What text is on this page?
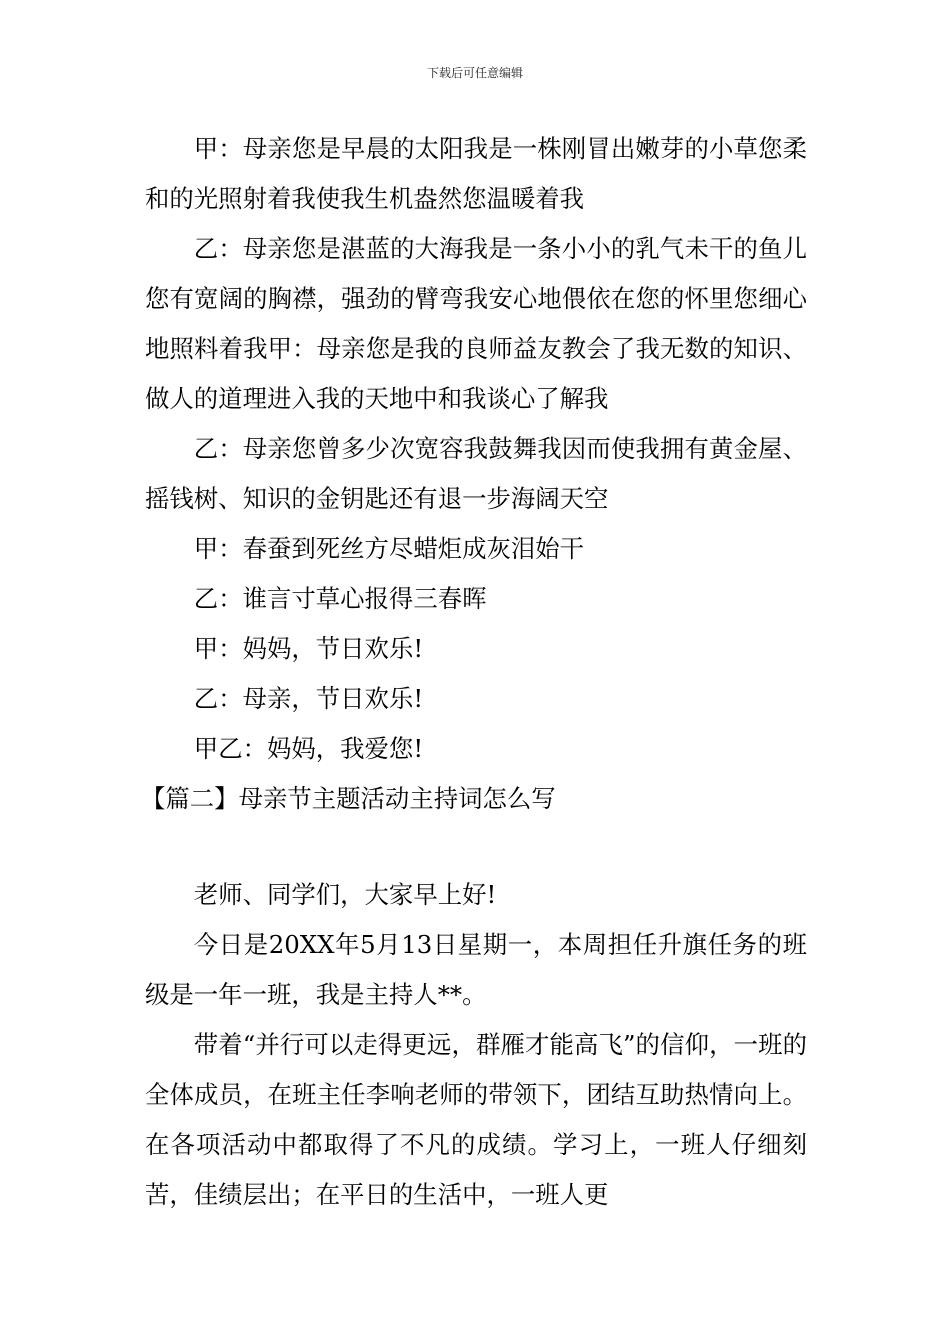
下载后可任意编辑

甲：母亲您是早晨的太阳我是一株刚冒出嫩芽的小草您柔和的光照射着我使我生机盎然您温暖着我

乙：母亲您是湛蓝的大海我是一条小小的乳气未干的鱼儿您有宽阔的胸襟，强劲的臂弯我安心地偎依在您的怀里您细心地照料着我甲：母亲您是我的良师益友教会了我无数的知识、做人的道理进入我的天地中和我谈心了解我

乙：母亲您曾多少次宽容我鼓舞我因而使我拥有黄金屋、摇钱树、知识的金钥匙还有退一步海阔天空

甲：春蚕到死丝方尽蜡炬成灰泪始干

乙：谁言寸草心报得三春晖

甲：妈妈，节日欢乐!

乙：母亲，节日欢乐!

甲乙：妈妈，我爱您!

【篇二】母亲节主题活动主持词怎么写

老师、同学们，大家早上好!

今日是20XX年5月13日星期一，本周担任升旗任务的班级是一年一班，我是主持人**。

带着“并行可以走得更远，群雁才能高飞”的信仰，一班的全体成员，在班主任李响老师的带领下，团结互助热情向上。在各项活动中都取得了不凡的成绩。学习上，一班人仔细刻苦，佳绩层出；在平日的生活中，一班人更
